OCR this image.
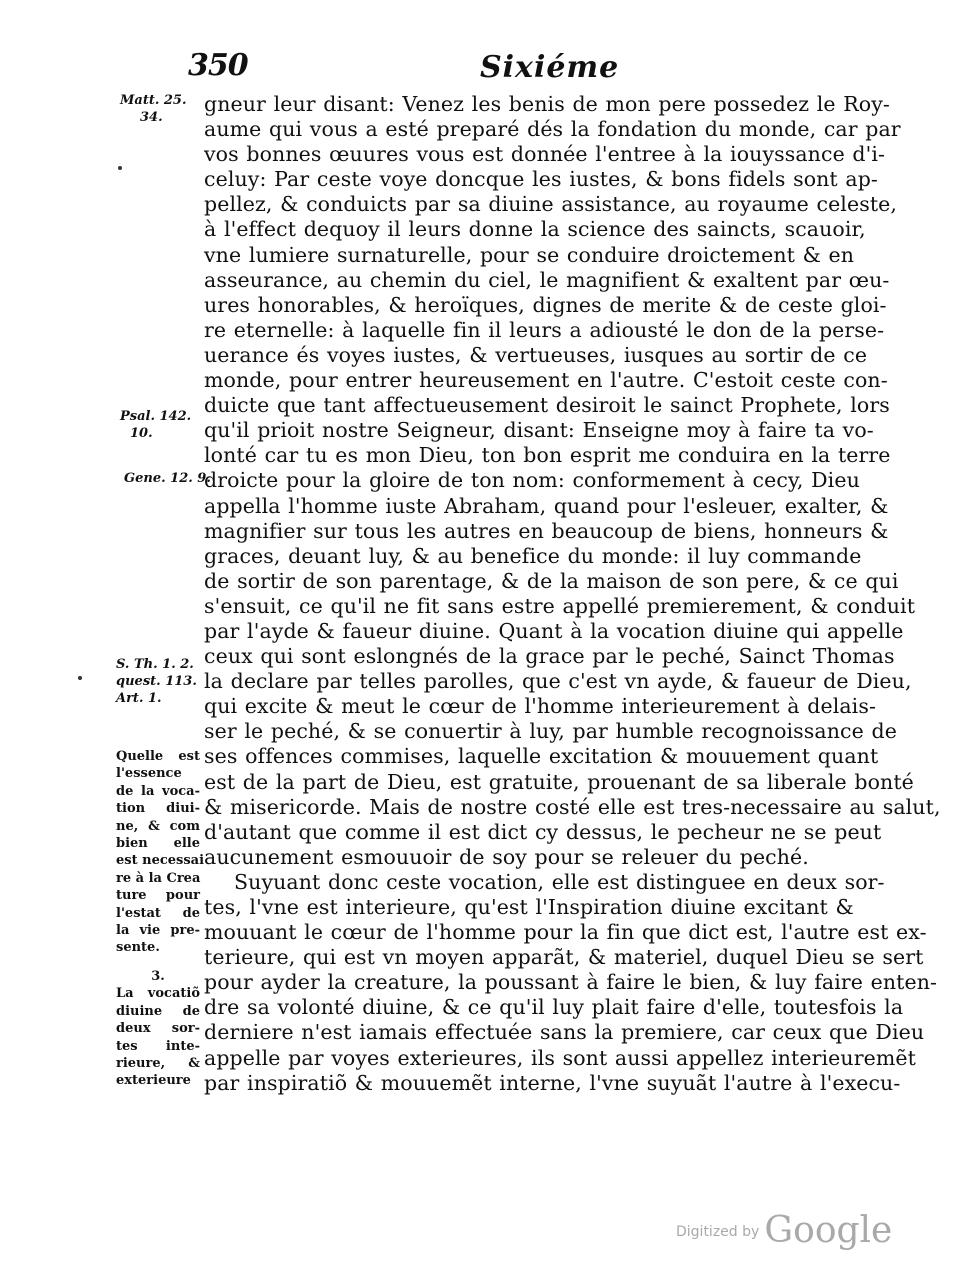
350	Sixiéme
Matt. 25.
34.
Psal. 142.
10.
Gene. 12. 9.
S. Th. 1. 2.
quest. 113.
Art. 1.
Quelle est
l'essence
de la voca-
tion diui-
ne, & com
bien elle
est necessai
re à la Crea
ture pour
l'estat de
la vie pre-
sente.
3.
La vocatiõ
diuine de
deux sor-
tes inte-
rieure, &
exterieure
gneur leur disant: Venez les benis de mon pere possedez le Roy-
aume qui vous a esté preparé dés la fondation du monde, car par
vos bonnes œuures vous est donnée l'entree à la iouyssance d'i-
celuy: Par ceste voye doncque les iustes, & bons fidels sont ap-
pellez, & conduicts par sa diuine assistance, au royaume celeste,
à l'effect dequoy il leurs donne la science des saincts, scauoir,
vne lumiere surnaturelle, pour se conduire droictement & en
asseurance, au chemin du ciel, le magnifient & exaltent par œu-
ures honorables, & heroïques, dignes de merite & de ceste gloi-
re eternelle: à laquelle fin il leurs a adiousté le don de la perse-
uerance és voyes iustes, & vertueuses, iusques au sortir de ce
monde, pour entrer heureusement en l'autre. C'estoit ceste con-
duicte que tant affectueusement desiroit le sainct Prophete, lors
qu'il prioit nostre Seigneur, disant: Enseigne moy à faire ta vo-
lonté car tu es mon Dieu, ton bon esprit me conduira en la terre
droicte pour la gloire de ton nom: conformement à cecy, Dieu
appella l'homme iuste Abraham, quand pour l'esleuer, exalter, &
magnifier sur tous les autres en beaucoup de biens, honneurs &
graces, deuant luy, & au benefice du monde: il luy commande
de sortir de son parentage, & de la maison de son pere, & ce qui
s'ensuit, ce qu'il ne fit sans estre appellé premierement, & conduit
par l'ayde & faueur diuine. Quant à la vocation diuine qui appelle
ceux qui sont eslongnés de la grace par le peché, Sainct Thomas
la declare par telles parolles, que c'est vn ayde, & faueur de Dieu,
qui excite & meut le cœur de l'homme interieurement à delais-
ser le peché, & se conuertir à luy, par humble recognoissance de
ses offences commises, laquelle excitation & mouuement quant
est de la part de Dieu, est gratuite, prouenant de sa liberale bonté
& misericorde. Mais de nostre costé elle est tres-necessaire au salut,
d'autant que comme il est dict cy dessus, le pecheur ne se peut
aucunement esmouuoir de soy pour se releuer du peché.
Suyuant donc ceste vocation, elle est distinguee en deux sor-
tes, l'vne est interieure, qu'est l'Inspiration diuine excitant &
mouuant le cœur de l'homme pour la fin que dict est, l'autre est ex-
terieure, qui est vn moyen apparãt, & materiel, duquel Dieu se sert
pour ayder la creature, la poussant à faire le bien, & luy faire enten-
dre sa volonté diuine, & ce qu'il luy plait faire d'elle, toutesfois la
derniere n'est iamais effectuée sans la premiere, car ceux que Dieu
appelle par voyes exterieures, ils sont aussi appellez interieuremẽt
par inspiratiõ & mouuemẽt interne, l'vne suyuãt l'autre à l'execu-
Digitized by Google
